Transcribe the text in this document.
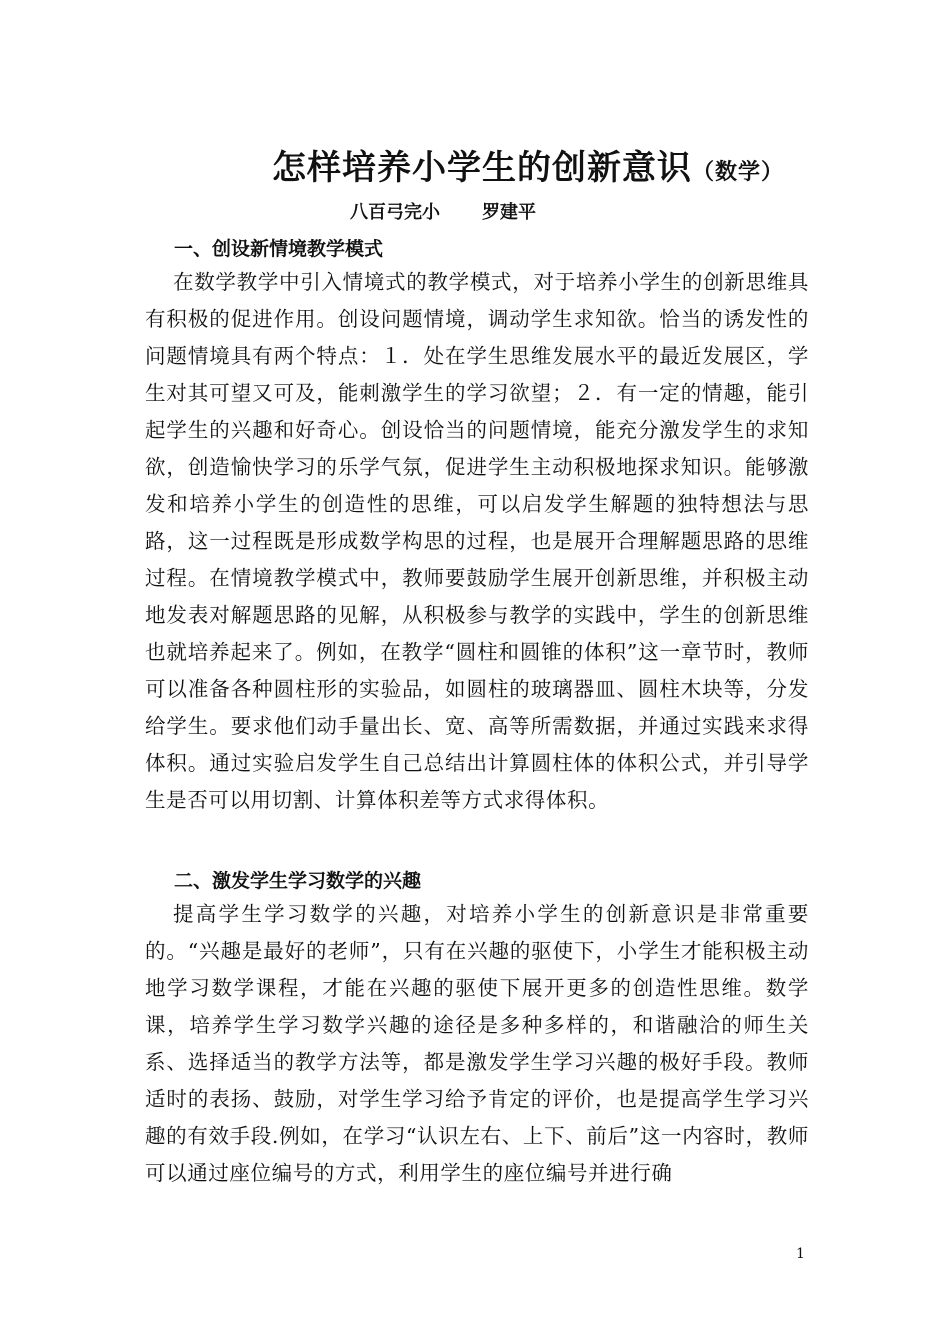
怎样培养小学生的创新意识（数学）
八百弓完小 罗建平
一、创设新情境教学模式
在数学教学中引入情境式的教学模式，对于培养小学生的创新思维具有积极的促进作用。创设问题情境，调动学生求知欲。恰当的诱发性的问题情境具有两个特点：１．处在学生思维发展水平的最近发展区，学生对其可望又可及，能刺激学生的学习欲望；２．有一定的情趣，能引起学生的兴趣和好奇心。创设恰当的问题情境，能充分激发学生的求知欲，创造愉快学习的乐学气氛，促进学生主动积极地探求知识。能够激发和培养小学生的创造性的思维，可以启发学生解题的独特想法与思路，这一过程既是形成数学构思的过程，也是展开合理解题思路的思维过程。在情境教学模式中，教师要鼓励学生展开创新思维，并积极主动地发表对解题思路的见解，从积极参与教学的实践中，学生的创新思维也就培养起来了。例如，在教学“圆柱和圆锥的体积”这一章节时，教师可以准备各种圆柱形的实验品，如圆柱的玻璃器皿、圆柱木块等，分发给学生。要求他们动手量出长、宽、高等所需数据，并通过实践来求得体积。通过实验启发学生自己总结出计算圆柱体的体积公式，并引导学生是否可以用切割、计算体积差等方式求得体积。
二、激发学生学习数学的兴趣
提高学生学习数学的兴趣，对培养小学生的创新意识是非常重要的。“兴趣是最好的老师”，只有在兴趣的驱使下，小学生才能积极主动地学习数学课程，才能在兴趣的驱使下展开更多的创造性思维。数学课，培养学生学习数学兴趣的途径是多种多样的，和谐融洽的师生关系、选择适当的教学方法等，都是激发学生学习兴趣的极好手段。教师适时的表扬、鼓励，对学生学习给予肯定的评价，也是提高学生学习兴趣的有效手段.例如，在学习“认识左右、上下、前后”这一内容时，教师可以通过座位编号的方式，利用学生的座位编号并进行确
1
